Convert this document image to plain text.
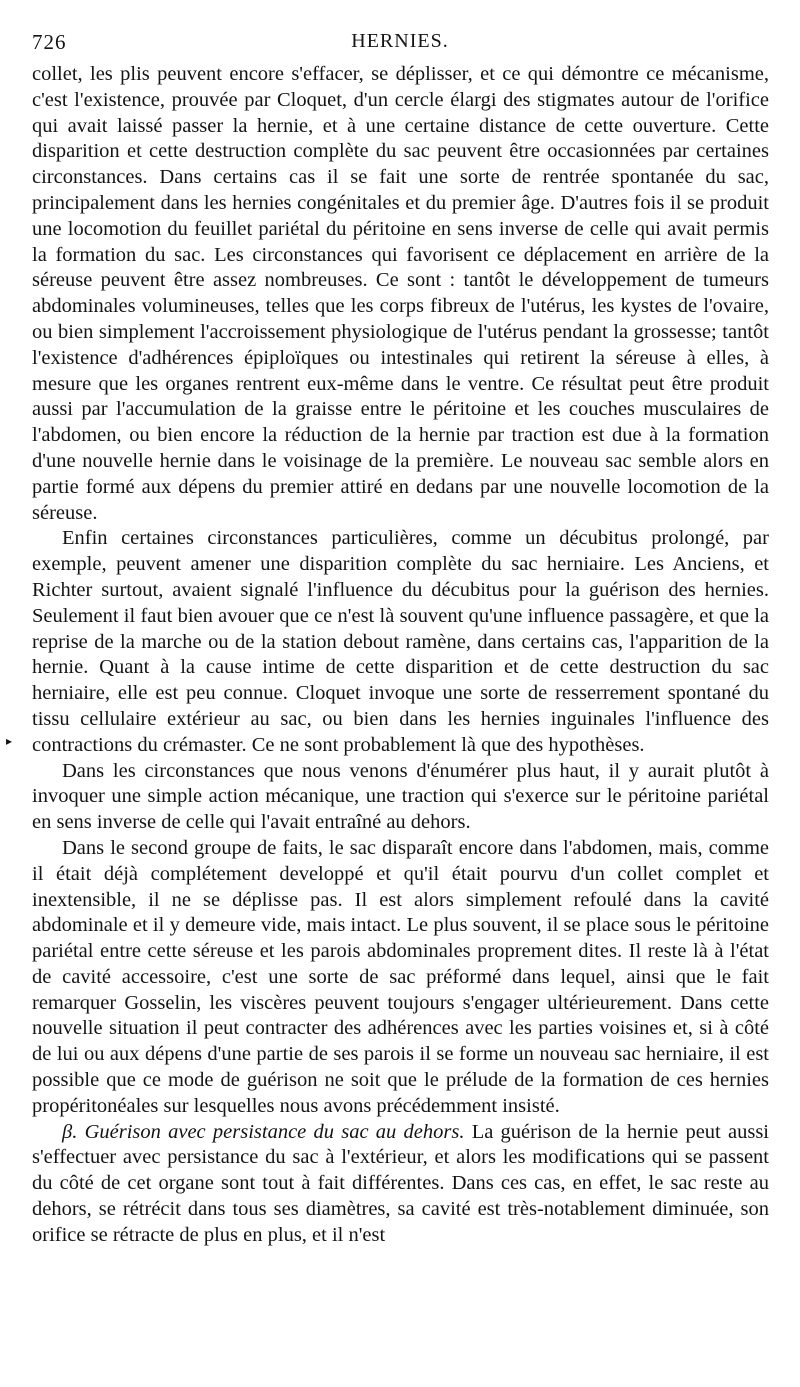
726	HERNIES.
▸

collet, les plis peuvent encore s'effacer, se déplisser, et ce qui démontre ce mécanisme, c'est l'existence, prouvée par Cloquet, d'un cercle élargi des stigmates autour de l'orifice qui avait laissé passer la hernie, et à une certaine distance de cette ouverture. Cette disparition et cette destruction complète du sac peuvent être occasionnées par certaines circonstances. Dans certains cas il se fait une sorte de rentrée spontanée du sac, principalement dans les hernies congénitales et du premier âge. D'autres fois il se produit une locomotion du feuillet pariétal du péritoine en sens inverse de celle qui avait permis la formation du sac. Les circonstances qui favorisent ce déplacement en arrière de la séreuse peuvent être assez nombreuses. Ce sont : tantôt le développement de tumeurs abdominales volumineuses, telles que les corps fibreux de l'utérus, les kystes de l'ovaire, ou bien simplement l'accroissement physiologique de l'utérus pendant la grossesse; tantôt l'existence d'adhérences épiploïques ou intestinales qui retirent la séreuse à elles, à mesure que les organes rentrent eux-même dans le ventre. Ce résultat peut être produit aussi par l'accumulation de la graisse entre le péritoine et les couches musculaires de l'abdomen, ou bien encore la réduction de la hernie par traction est due à la formation d'une nouvelle hernie dans le voisinage de la première. Le nouveau sac semble alors en partie formé aux dépens du premier attiré en dedans par une nouvelle locomotion de la séreuse.

Enfin certaines circonstances particulières, comme un décubitus prolongé, par exemple, peuvent amener une disparition complète du sac herniaire. Les Anciens, et Richter surtout, avaient signalé l'influence du décubitus pour la guérison des hernies. Seulement il faut bien avouer que ce n'est là souvent qu'une influence passagère, et que la reprise de la marche ou de la station debout ramène, dans certains cas, l'apparition de la hernie. Quant à la cause intime de cette disparition et de cette destruction du sac herniaire, elle est peu connue. Cloquet invoque une sorte de resserrement spontané du tissu cellulaire extérieur au sac, ou bien dans les hernies inguinales l'influence des contractions du crémaster. Ce ne sont probablement là que des hypothèses.

Dans les circonstances que nous venons d'énumérer plus haut, il y aurait plutôt à invoquer une simple action mécanique, une traction qui s'exerce sur le péritoine pariétal en sens inverse de celle qui l'avait entraîné au dehors.

Dans le second groupe de faits, le sac disparaît encore dans l'abdomen, mais, comme il était déjà complétement developpé et qu'il était pourvu d'un collet complet et inextensible, il ne se déplisse pas. Il est alors simplement refoulé dans la cavité abdominale et il y demeure vide, mais intact. Le plus souvent, il se place sous le péritoine pariétal entre cette séreuse et les parois abdominales proprement dites. Il reste là à l'état de cavité accessoire, c'est une sorte de sac préformé dans lequel, ainsi que le fait remarquer Gosselin, les viscères peuvent toujours s'engager ultérieurement. Dans cette nouvelle situation il peut contracter des adhérences avec les parties voisines et, si à côté de lui ou aux dépens d'une partie de ses parois il se forme un nouveau sac herniaire, il est possible que ce mode de guérison ne soit que le prélude de la formation de ces hernies propéritonéales sur lesquelles nous avons précédemment insisté.

β. Guérison avec persistance du sac au dehors. La guérison de la hernie peut aussi s'effectuer avec persistance du sac à l'extérieur, et alors les modifications qui se passent du côté de cet organe sont tout à fait différentes. Dans ces cas, en effet, le sac reste au dehors, se rétrécit dans tous ses diamètres, sa cavité est très-notablement diminuée, son orifice se rétracte de plus en plus, et il n'est
